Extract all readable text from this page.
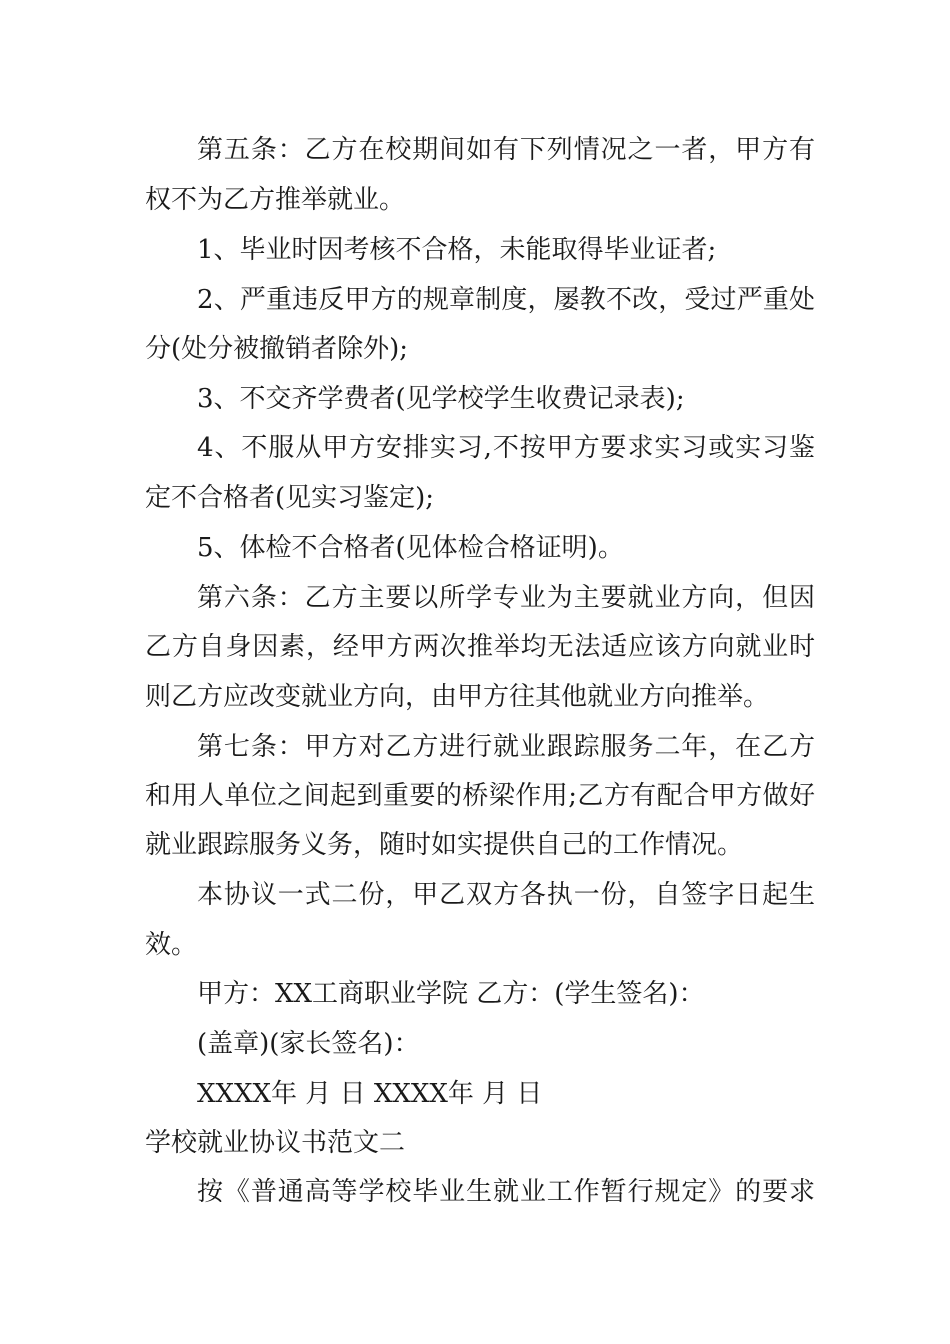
第五条：乙方在校期间如有下列情况之一者，甲方有
权不为乙方推举就业。
1、毕业时因考核不合格，未能取得毕业证者;
2、严重违反甲方的规章制度，屡教不改，受过严重处
分(处分被撤销者除外);
3、不交齐学费者(见学校学生收费记录表);
4、不服从甲方安排实习,不按甲方要求实习或实习鉴
定不合格者(见实习鉴定);
5、体检不合格者(见体检合格证明)。
第六条：乙方主要以所学专业为主要就业方向，但因
乙方自身因素，经甲方两次推举均无法适应该方向就业时
则乙方应改变就业方向，由甲方往其他就业方向推举。
第七条：甲方对乙方进行就业跟踪服务二年，在乙方
和用人单位之间起到重要的桥梁作用;乙方有配合甲方做好
就业跟踪服务义务，随时如实提供自己的工作情况。
本协议一式二份，甲乙双方各执一份，自签字日起生
效。
甲方：XX工商职业学院 乙方：(学生签名)：
(盖章)(家长签名)：
XXXX年 月 日 XXXX年 月 日
学校就业协议书范文二
按《普通高等学校毕业生就业工作暂行规定》的要求
